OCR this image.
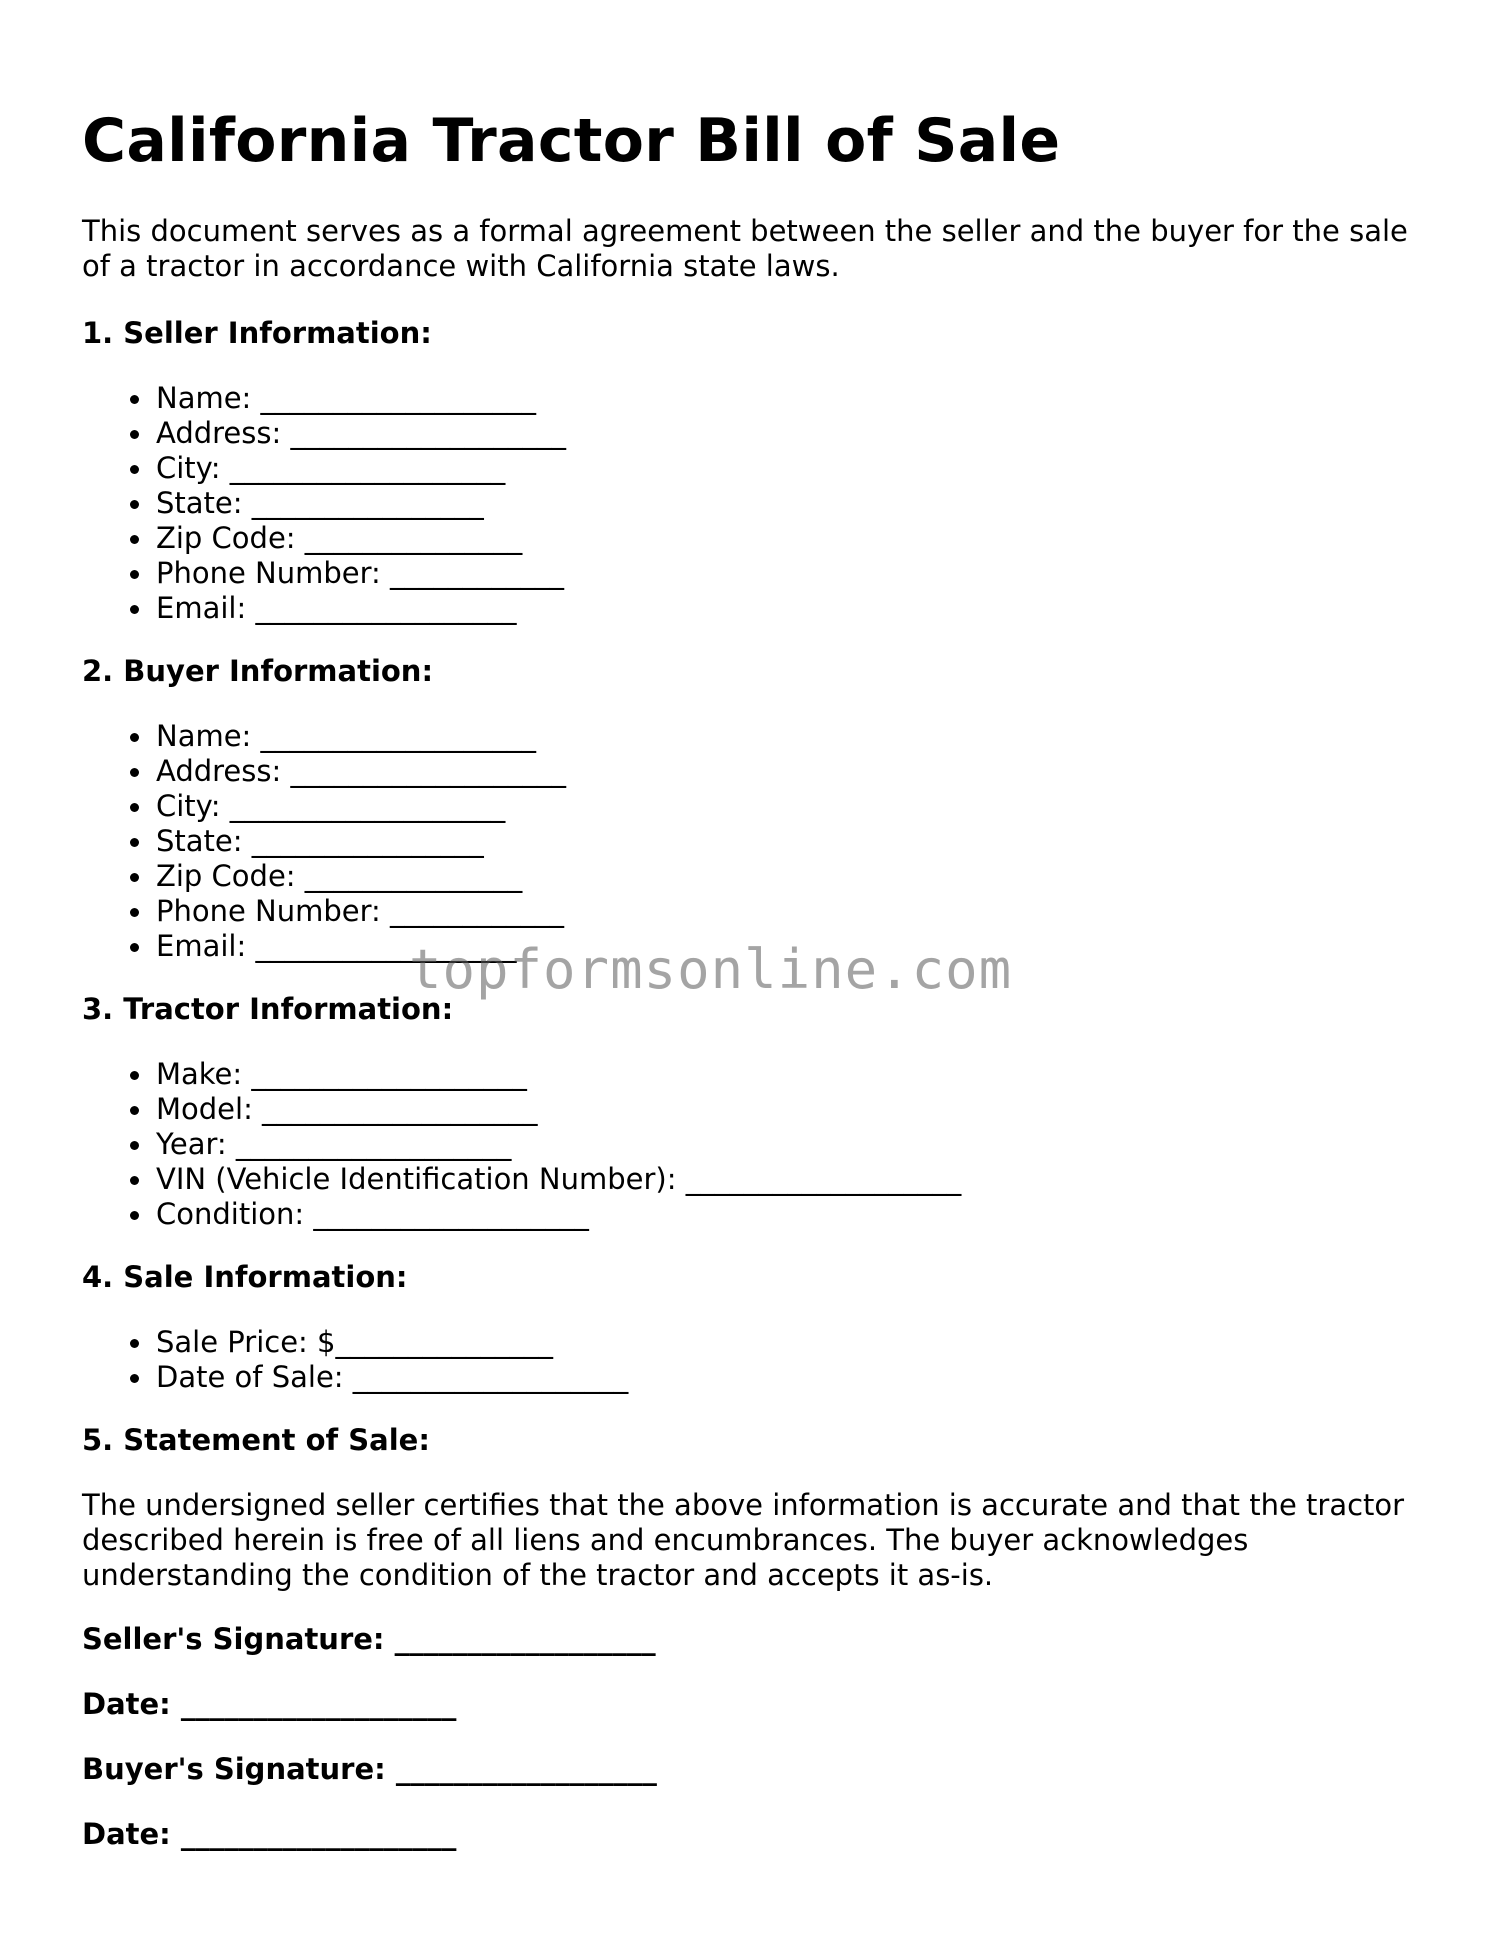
California Tractor Bill of Sale

This document serves as a formal agreement between the seller and the buyer for the sale of a tractor in accordance with California state laws.

1. Seller Information:

Name: ___________________
Address: ___________________
City: ___________________
State: ________________
Zip Code: _______________
Phone Number: ____________
Email: __________________

2. Buyer Information:

Name: ___________________
Address: ___________________
City: ___________________
State: ________________
Zip Code: _______________
Phone Number: ____________
Email: __________________

3. Tractor Information:

Make: ___________________
Model: ___________________
Year: ___________________
VIN (Vehicle Identification Number): ___________________
Condition: ___________________

4. Sale Information:

Sale Price: $_______________
Date of Sale: ___________________

5. Statement of Sale:

The undersigned seller certifies that the above information is accurate and that the tractor described herein is free of all liens and encumbrances. The buyer acknowledges understanding the condition of the tractor and accepts it as-is.

Seller's Signature: __________________

Date: ___________________

Buyer's Signature: __________________

Date: ___________________

topformsonline.com
